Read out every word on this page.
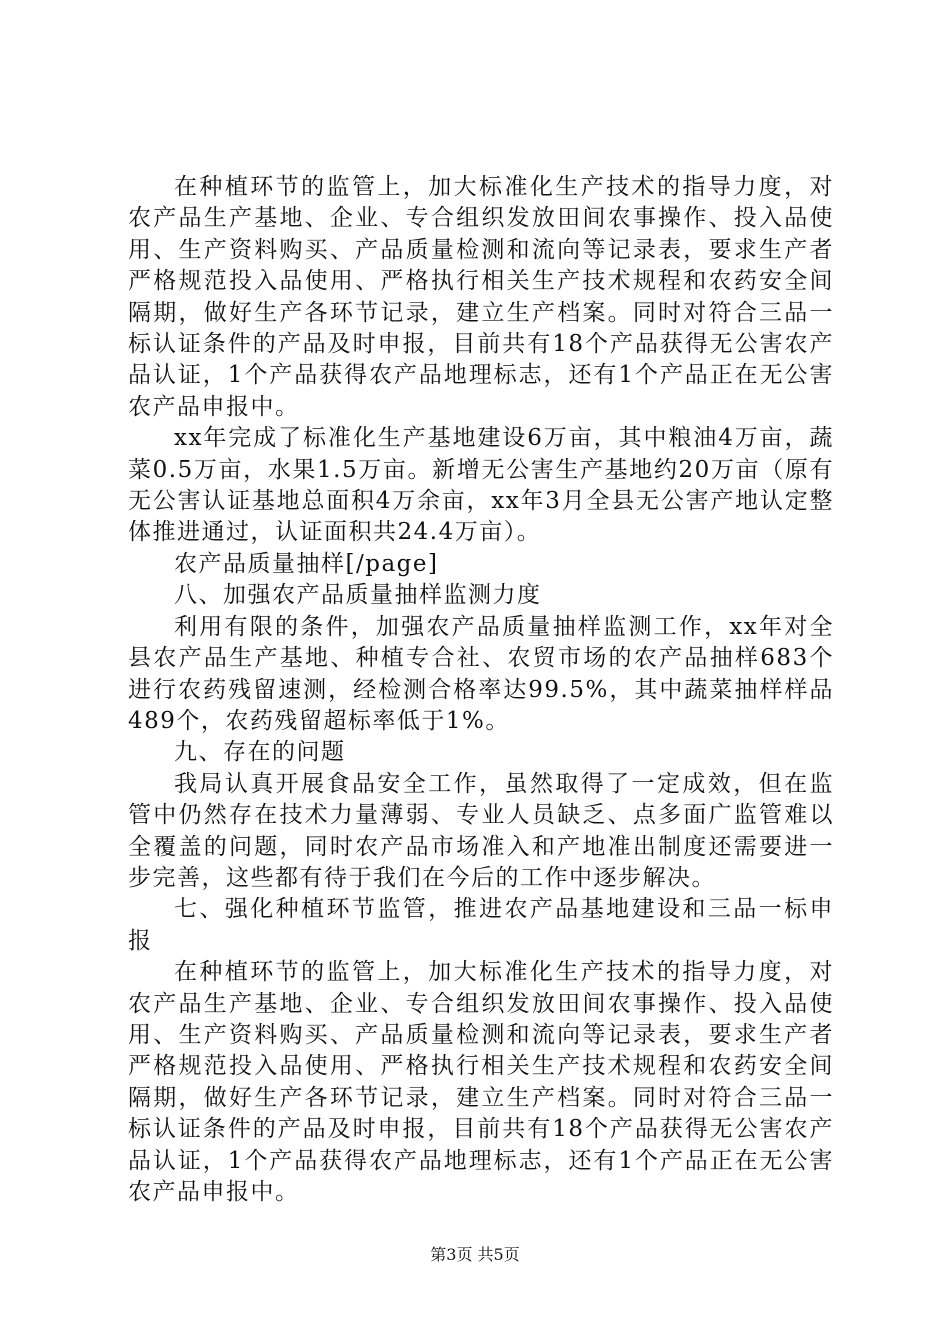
在种植环节的监管上，加大标准化生产技术的指导力度，对农产品生产基地、企业、专合组织发放田间农事操作、投入品使用、生产资料购买、产品质量检测和流向等记录表，要求生产者严格规范投入品使用、严格执行相关生产技术规程和农药安全间隔期，做好生产各环节记录，建立生产档案。同时对符合三品一标认证条件的产品及时申报，目前共有18个产品获得无公害农产品认证，1个产品获得农产品地理标志，还有1个产品正在无公害农产品申报中。

xx年完成了标准化生产基地建设6万亩，其中粮油4万亩，蔬菜0.5万亩，水果1.5万亩。新增无公害生产基地约20万亩（原有无公害认证基地总面积4万余亩，xx年3月全县无公害产地认定整体推进通过，认证面积共24.4万亩）。

农产品质量抽样[/page]

八、加强农产品质量抽样监测力度

利用有限的条件，加强农产品质量抽样监测工作，xx年对全县农产品生产基地、种植专合社、农贸市场的农产品抽样683个进行农药残留速测，经检测合格率达99.5%，其中蔬菜抽样样品489个，农药残留超标率低于1%。

九、存在的问题

我局认真开展食品安全工作，虽然取得了一定成效，但在监管中仍然存在技术力量薄弱、专业人员缺乏、点多面广监管难以全覆盖的问题，同时农产品市场准入和产地准出制度还需要进一步完善，这些都有待于我们在今后的工作中逐步解决。

七、强化种植环节监管，推进农产品基地建设和三品一标申报

在种植环节的监管上，加大标准化生产技术的指导力度，对农产品生产基地、企业、专合组织发放田间农事操作、投入品使用、生产资料购买、产品质量检测和流向等记录表，要求生产者严格规范投入品使用、严格执行相关生产技术规程和农药安全间隔期，做好生产各环节记录，建立生产档案。同时对符合三品一标认证条件的产品及时申报，目前共有18个产品获得无公害农产品认证，1个产品获得农产品地理标志，还有1个产品正在无公害农产品申报中。

第3页 共5页
